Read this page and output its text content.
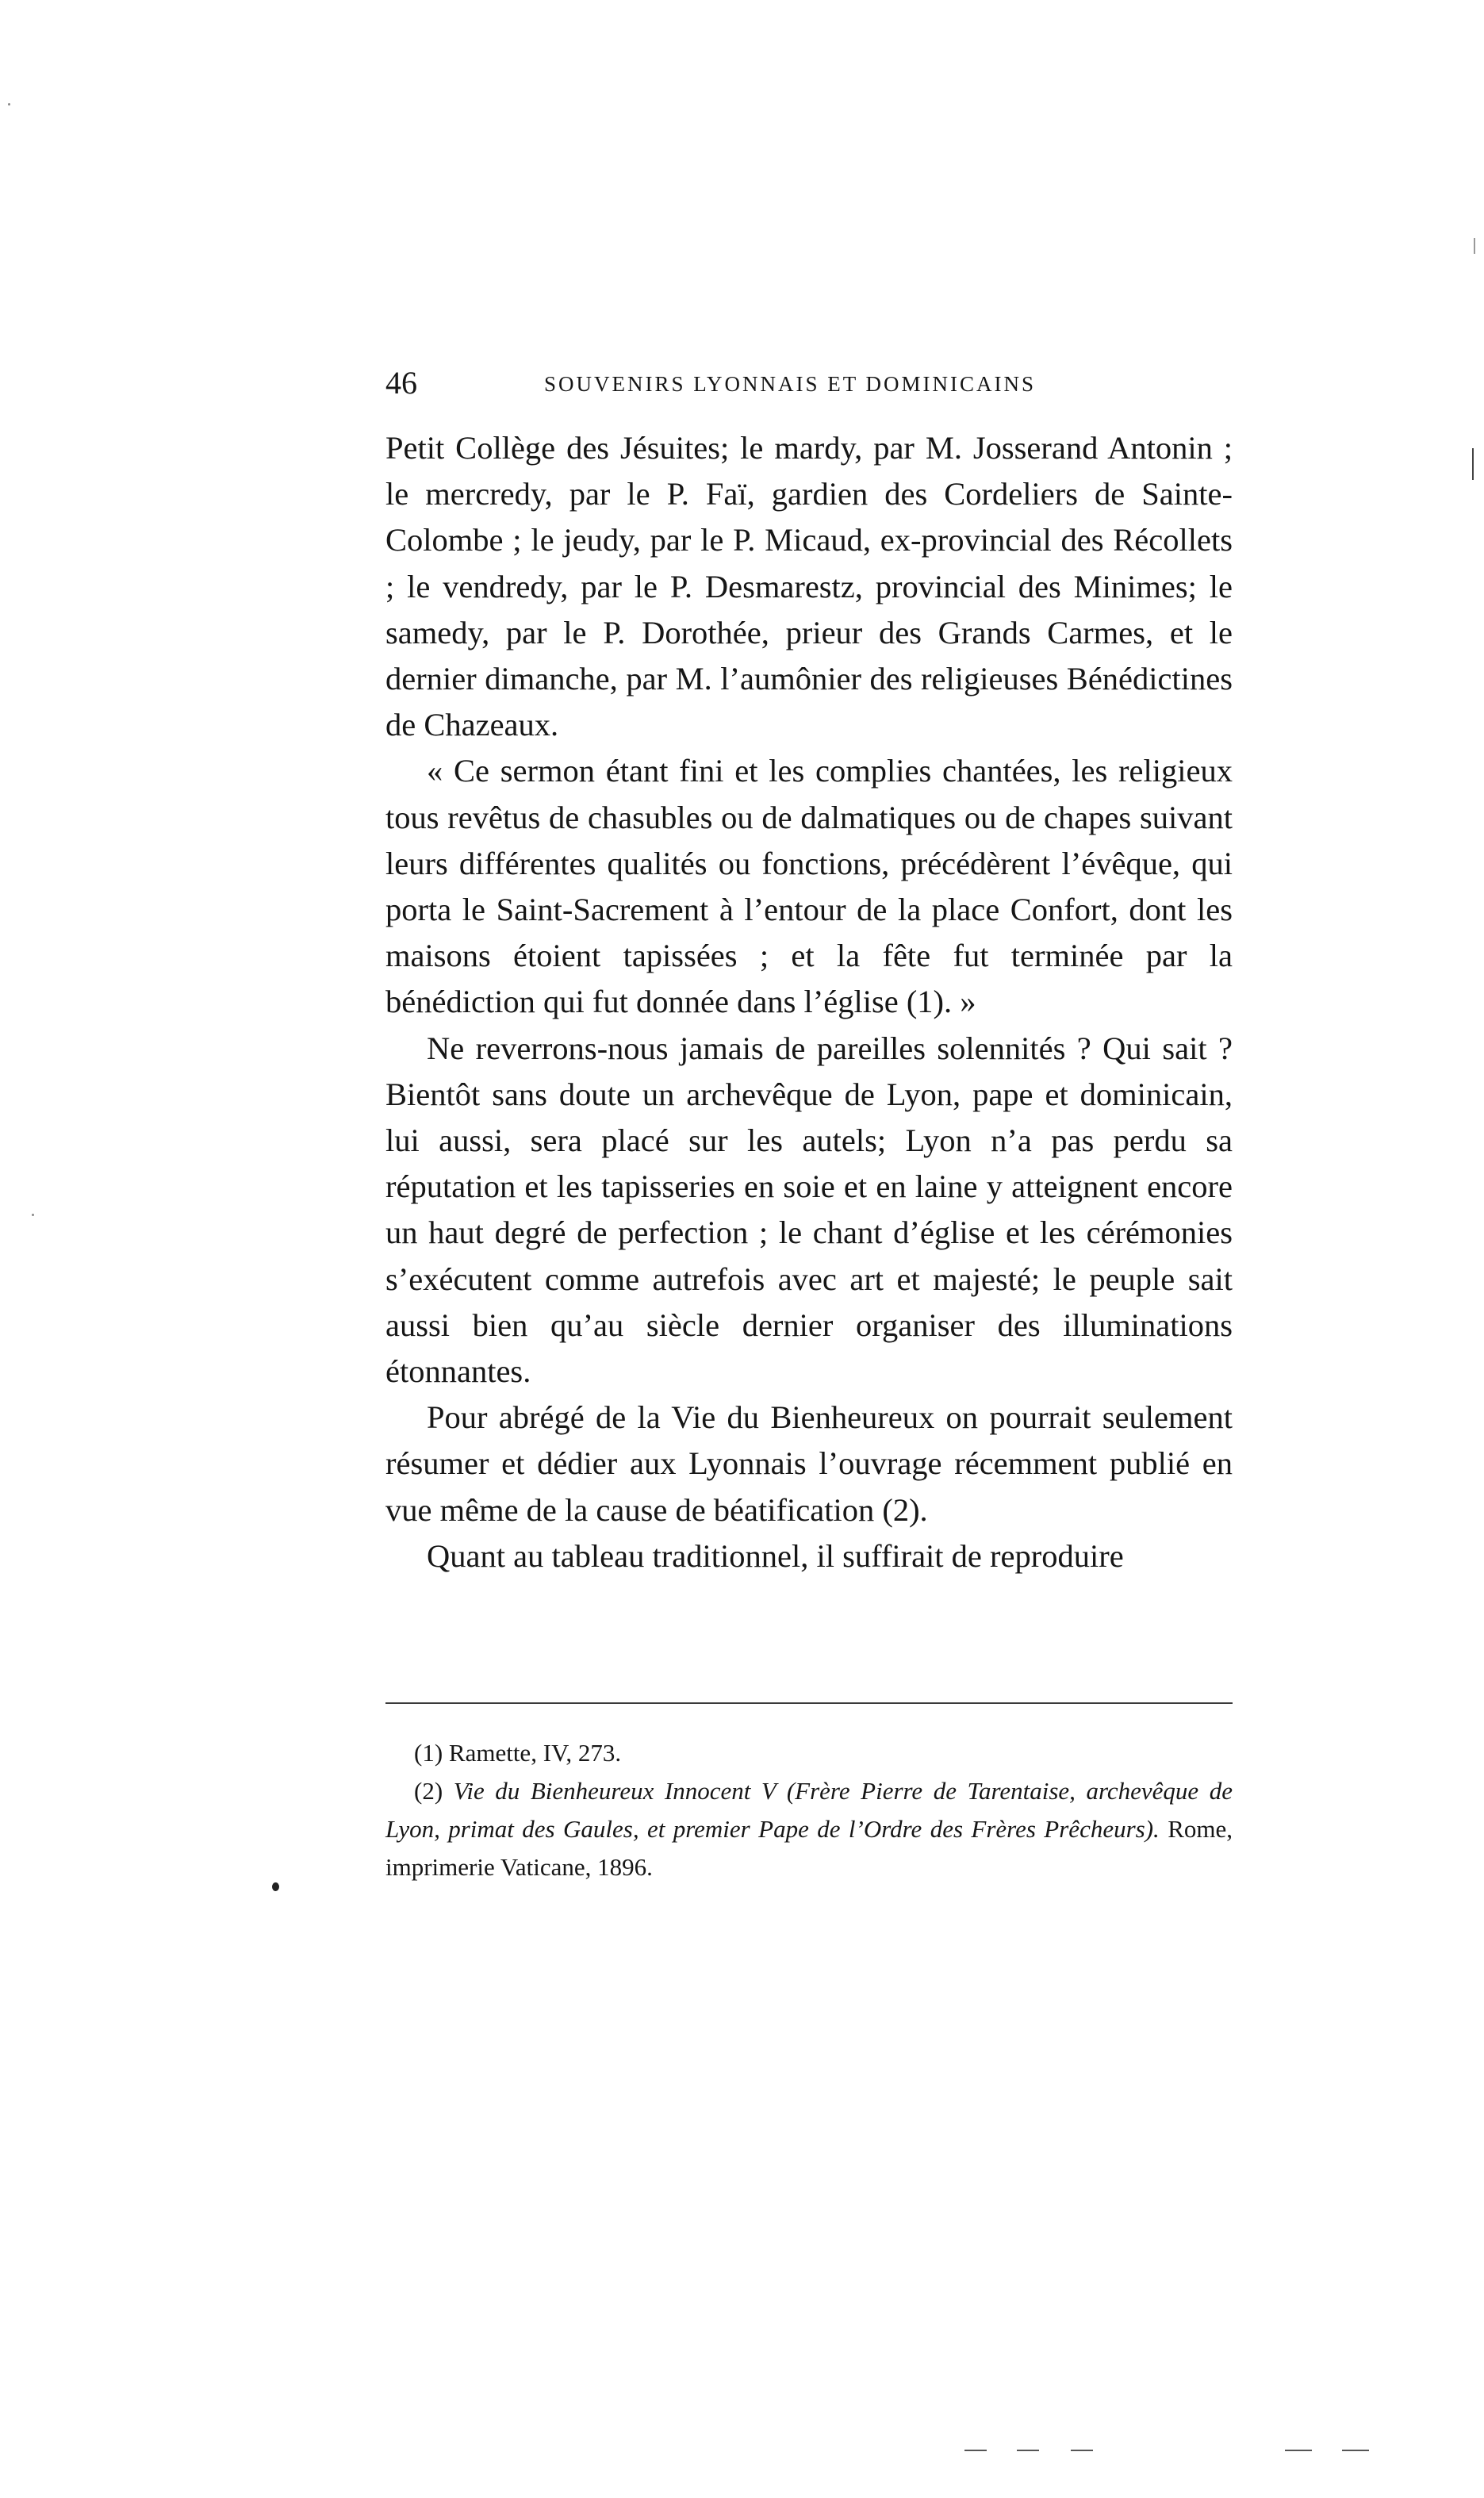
46	SOUVENIRS LYONNAIS ET DOMINICAINS

Petit Collège des Jésuites; le mardy, par M. Josserand Antonin ; le mercredy, par le P. Faï, gardien des Cordeliers de Sainte-Colombe ; le jeudy, par le P. Micaud, ex-provincial des Récollets ; le vendredy, par le P. Desmarestz, provincial des Minimes; le samedy, par le P. Dorothée, prieur des Grands Carmes, et le dernier dimanche, par M. l’aumônier des religieuses Bénédictines de Chazeaux.

« Ce sermon étant fini et les complies chantées, les religieux tous revêtus de chasubles ou de dalmatiques ou de chapes suivant leurs différentes qualités ou fonctions, précédèrent l’évêque, qui porta le Saint-Sacrement à l’entour de la place Confort, dont les maisons étoient tapissées ; et la fête fut terminée par la bénédiction qui fut donnée dans l’église (1). »

Ne reverrons-nous jamais de pareilles solennités ? Qui sait ? Bientôt sans doute un archevêque de Lyon, pape et dominicain, lui aussi, sera placé sur les autels; Lyon n’a pas perdu sa réputation et les tapisseries en soie et en laine y atteignent encore un haut degré de perfection ; le chant d’église et les cérémonies s’exécutent comme autrefois avec art et majesté; le peuple sait aussi bien qu’au siècle dernier organiser des illuminations étonnantes.

Pour abrégé de la Vie du Bienheureux on pourrait seulement résumer et dédier aux Lyonnais l’ouvrage récemment publié en vue même de la cause de béatification (2).

Quant au tableau traditionnel, il suffirait de reproduire

(1) Ramette, IV, 273.

(2) Vie du Bienheureux Innocent V (Frère Pierre de Tarentaise, archevêque de Lyon, primat des Gaules, et premier Pape de l’Ordre des Frères Prêcheurs). Rome, imprimerie Vaticane, 1896.
